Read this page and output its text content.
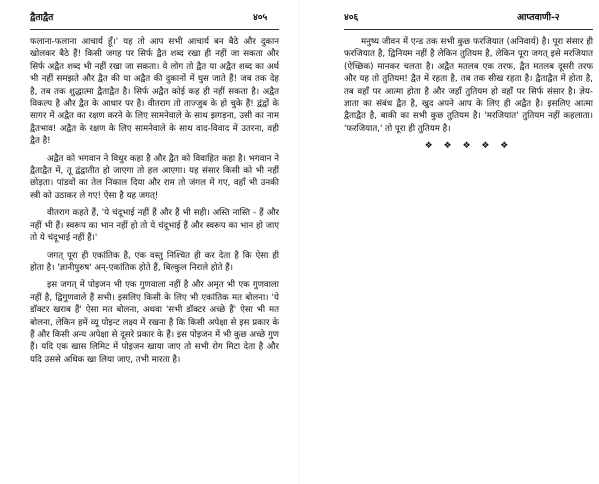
द्वैताद्वैत	४०५

फलाना-फलाना आचार्य हूँ।' यह तो आप सभी आचार्य बन बैठे और दुकान खोलकर बैठे हैं! किसी जगह पर सिर्फ द्वैत शब्द रखा ही नहीं जा सकता और सिर्फ अद्वैत शब्द भी नहीं रखा जा सकता। ये लोग तो द्वैत या अद्वैत शब्द का अर्थ भी नहीं समझते और द्वैत की या अद्वैत की दुकानों में घुस जाते हैं! जब तक देह है, तब तक शुद्धात्मा द्वैताद्वैत है। सिर्फ अद्वैत कोई कह ही नहीं सकता है। अद्वैत विकल्प है और द्वैत के आधार पर है। वीतराग तो ताज्जुब के हो चुके हैं! द्वंद्वों के सागर में अद्वैत का रक्षण करने के लिए सामनेवाले के साथ झगड़ना, उसी का नाम द्वैतभाव! अद्वैत के रक्षण के लिए सामनेवाले के साथ वाद-विवाद में उतरना, वही द्वैत है!

अद्वैत को भगवान ने विधुर कहा है और द्वैत को विवाहित कहा है। भगवान ने द्वैताद्वैत में, तू द्वंद्वातीत हो जाएगा तो हल आएगा। यह संसार किसी को भी नहीं छोड़ता। पांडवों का तेल निकाल दिया और राम तो जंगल में गए, वहाँ भी उनकी स्त्री को उठाकर ले गए! ऐसा है यह जगत्!

वीतराग कहते हैं, 'ये चंदूभाई नहीं हैं और हैं भी सही। अस्ति नास्ति - हैं और नहीं भी हैं। स्वरूप का भान नहीं हो तो ये चंदूभाई हैं और स्वरूप का भान हो जाए तो ये चंदूभाई नहीं हैं।'

जगत् पूरा ही एकांतिक है, एक वस्तु निश्चित ही कर देता है कि ऐसा ही होता है। 'ज्ञानीपुरुष' अन्-एकांतिक होते हैं, बिल्कुल निराले होते हैं।

इस जगत् में पोइजन भी एक गुणवाला नहीं है और अमृत भी एक गुणवाला नहीं है, द्विगुणवाले हैं सभी। इसलिए किसी के लिए भी एकांतिक मत बोलना। 'ये डॉक्टर खराब हैं' ऐसा मत बोलना, अथवा 'सभी डॉक्टर अच्छे हैं' ऐसा भी मत बोलना, लेकिन हमें व्यू पोइन्ट लक्ष्य में रखना है कि किसी अपेक्षा से इस प्रकार के हैं और किसी अन्य अपेक्षा से दूसरे प्रकार के हैं। इस पोइजन में भी कुछ अच्छे गुण हैं। यदि एक खास लिमिट में पोइजन खाया जाए तो सभी रोग मिटा देता है और यदि उससे अधिक खा लिया जाए, तभी मारता है।

४०६	आप्तवाणी-२

मनुष्य जीवन में एन्ड तक सभी कुछ फरजियात (अनिवार्य) है। पूरा संसार ही फरजियात है, द्विनियम नहीं है लेकिन तुतियम है, लेकिन पूरा जगत् इसे मरजियात (ऐच्छिक) मानकर चलता है। अद्वैत मतलब एक तरफ, द्वैत मतलब दूसरी तरफ और यह तो तुतियम! द्वैत में रहता है, तब तक सीख रहता है। द्वैताद्वैत में होता है, तब वहाँ पर आत्मा होता है और जहाँ तुतियम हो वहाँ पर सिर्फ संसार है। ज्ञेय-ज्ञाता का संबंध द्वैत है, खुद अपने आप के लिए ही अद्वैत है। इसलिए आत्मा द्वैताद्वैत है, बाकी का सभी कुछ तुतियम है। 'मरजियात' तुतियम नहीं कहलाता। 'फरजियात,' तो पूरा ही तुतियम है।

❖ ❖ ❖ ❖ ❖
